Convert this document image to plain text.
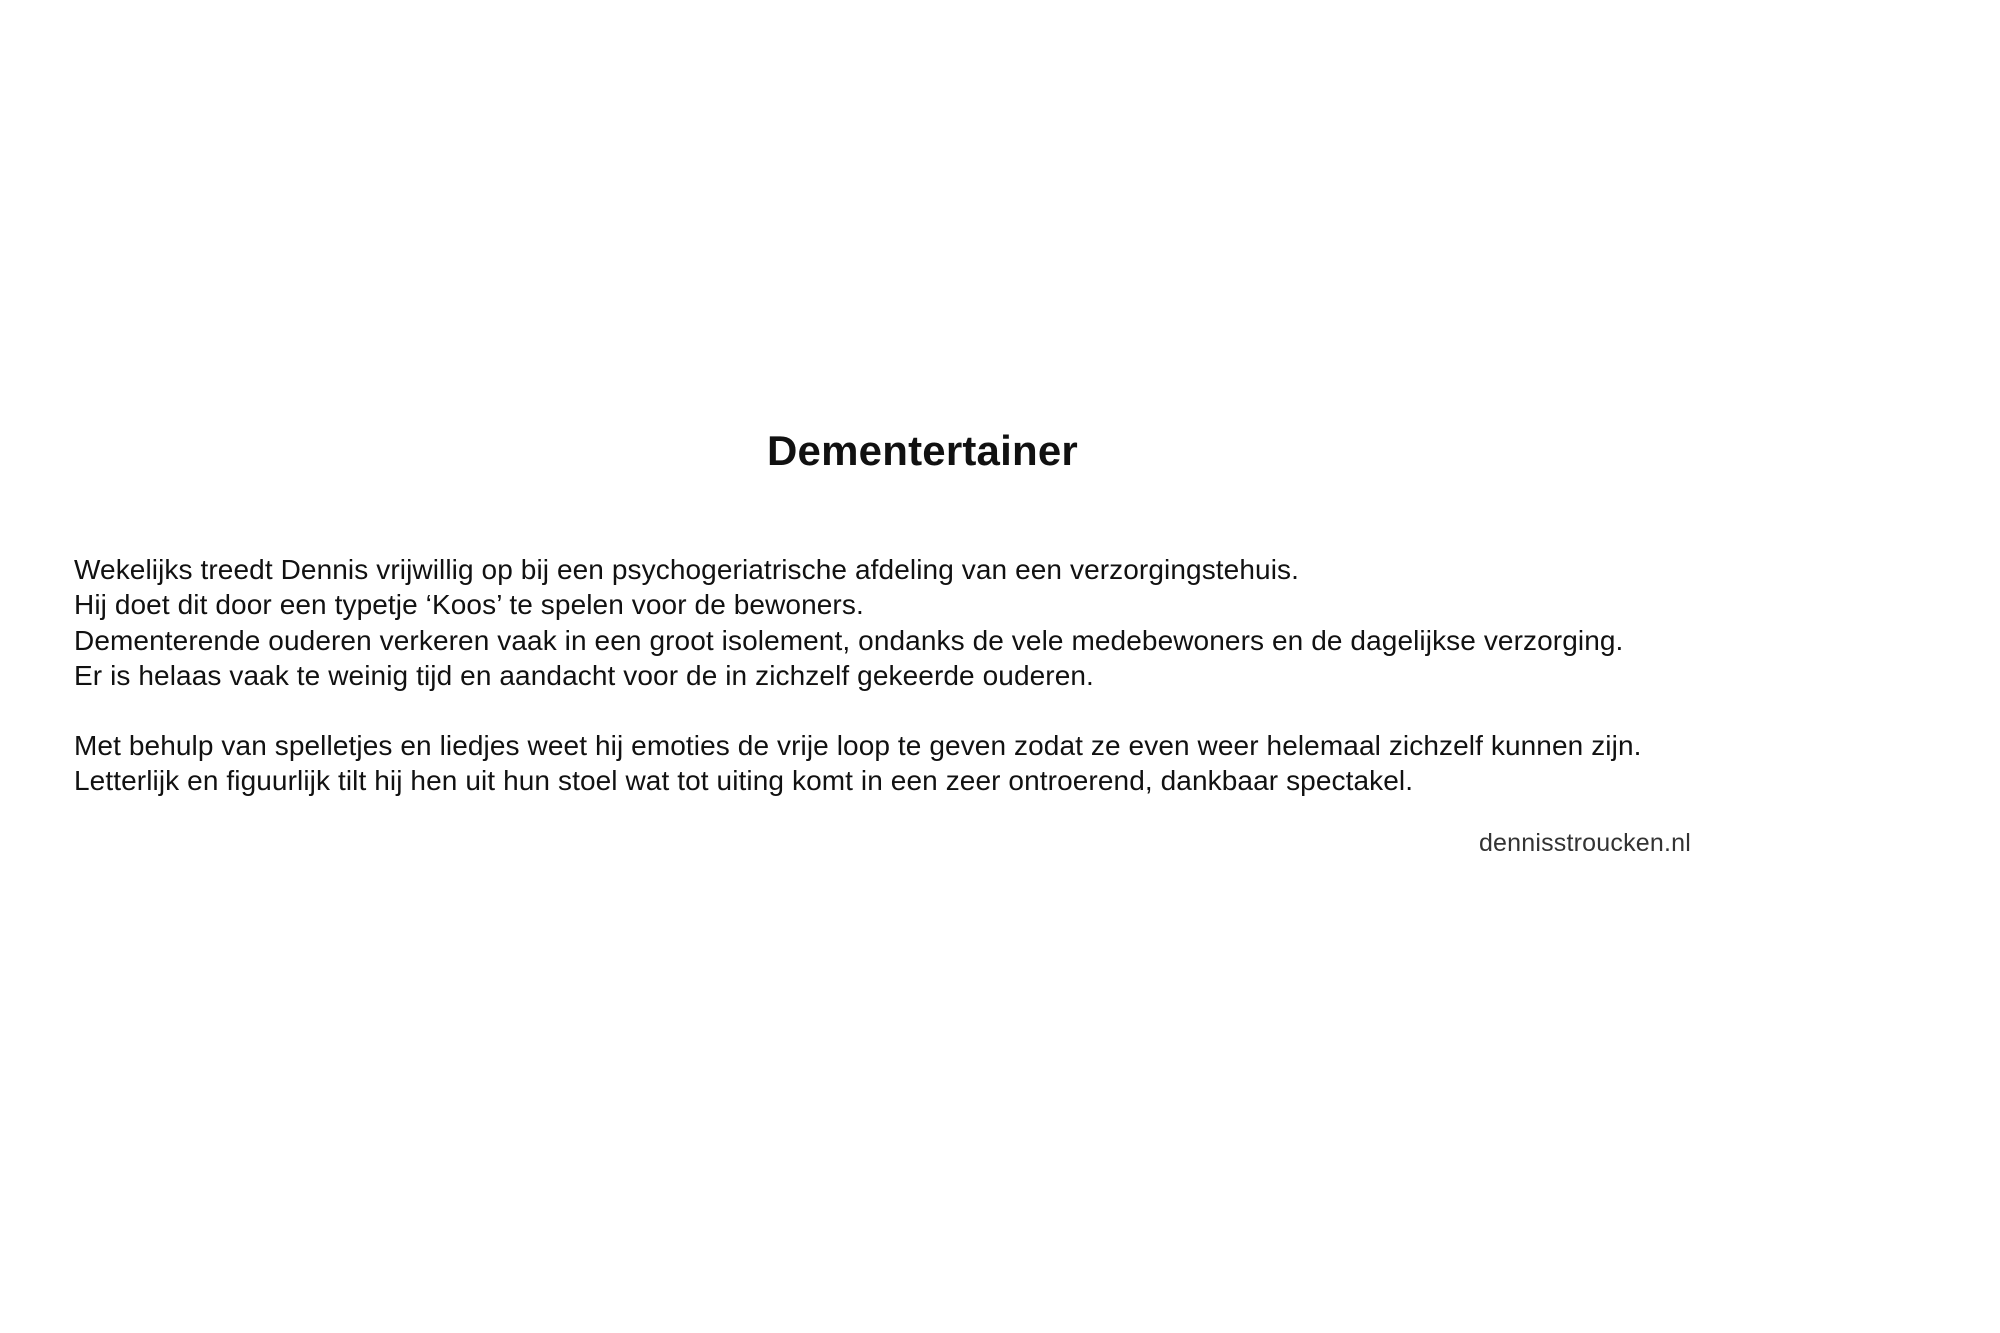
Dementertainer

Wekelijks treedt Dennis vrijwillig op bij een psychogeriatrische afdeling van een verzorgingstehuis.
Hij doet dit door een typetje ‘Koos’ te spelen voor de bewoners.
Dementerende ouderen verkeren vaak in een groot isolement, ondanks de vele medebewoners en de dagelijkse verzorging.
Er is helaas vaak te weinig tijd en aandacht voor de in zichzelf gekeerde ouderen.

Met behulp van spelletjes en liedjes weet hij emoties de vrije loop te geven zodat ze even weer helemaal zichzelf kunnen zijn.
Letterlijk en figuurlijk tilt hij hen uit hun stoel wat tot uiting komt in een zeer ontroerend, dankbaar spectakel.

dennisstroucken.nl
